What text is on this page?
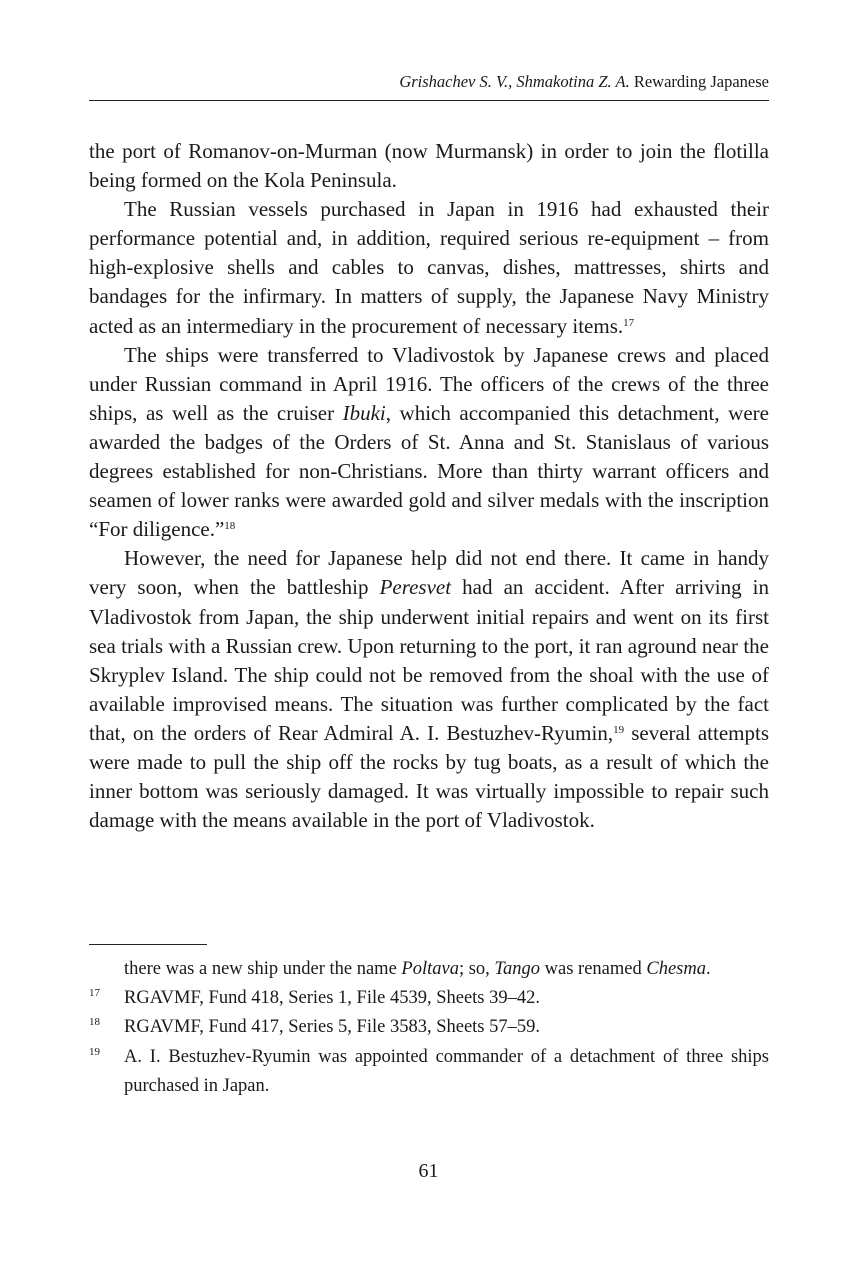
Grishachev S. V., Shmakotina Z. A. Rewarding Japanese

the port of Romanov-on-Murman (now Murmansk) in order to join the flotilla being formed on the Kola Peninsula.

The Russian vessels purchased in Japan in 1916 had exhausted their performance potential and, in addition, required serious re-equipment – from high-explosive shells and cables to canvas, dishes, mattresses, shirts and bandages for the infirmary. In matters of supply, the Japanese Navy Ministry acted as an intermediary in the procurement of necessary items.$^{17}$

The ships were transferred to Vladivostok by Japanese crews and placed under Russian command in April 1916. The officers of the crews of the three ships, as well as the cruiser Ibuki, which accompanied this detachment, were awarded the badges of the Orders of St. Anna and St. Stanislaus of various degrees established for non-Christians. More than thirty warrant officers and seamen of lower ranks were awarded gold and silver medals with the inscription “For diligence.”$^{18}$

However, the need for Japanese help did not end there. It came in handy very soon, when the battleship Peresvet had an accident. After arriving in Vladivostok from Japan, the ship underwent initial repairs and went on its first sea trials with a Russian crew. Upon returning to the port, it ran aground near the Skryplev Island. The ship could not be removed from the shoal with the use of available improvised means. The situation was further complicated by the fact that, on the orders of Rear Admiral A. I. Bestuzhev-Ryumin,$^{19}$ several attempts were made to pull the ship off the rocks by tug boats, as a result of which the inner bottom was seriously damaged. It was virtually impossible to repair such damage with the means available in the port of Vladivostok.

there was a new ship under the name Poltava; so, Tango was renamed Chesma.
17 RGAVMF, Fund 418, Series 1, File 4539, Sheets 39–42.
18 RGAVMF, Fund 417, Series 5, File 3583, Sheets 57–59.
19 A. I. Bestuzhev-Ryumin was appointed commander of a detachment of three ships purchased in Japan.
61
